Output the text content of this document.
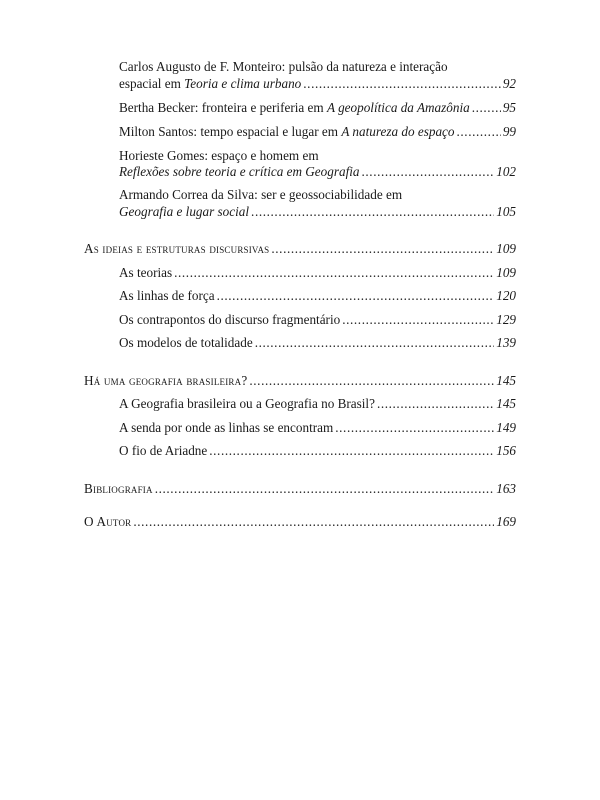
Carlos Augusto de F. Monteiro: pulsão da natureza e interação
espacial em Teoria e clima urbano .....	92
Bertha Becker: fronteira e periferia em A geopolítica da Amazônia .....	95
Milton Santos: tempo espacial e lugar em A natureza do espaço .....	99
Horieste Gomes: espaço e homem em
Reflexões sobre teoria e crítica em Geografia .....	102
Armando Correa da Silva: ser e geossociabilidade em
Geografia e lugar social .....	105
As ideias e estruturas discursivas .....	109
As teorias .....	109
As linhas de força .....	120
Os contrapontos do discurso fragmentário .....	129
Os modelos de totalidade .....	139
Há uma geografia brasileira? .....	145
A Geografia brasileira ou a Geografia no Brasil? .....	145
A senda por onde as linhas se encontram .....	149
O fio de Ariadne .....	156
Bibliografia .....	163
O Autor .....	169
